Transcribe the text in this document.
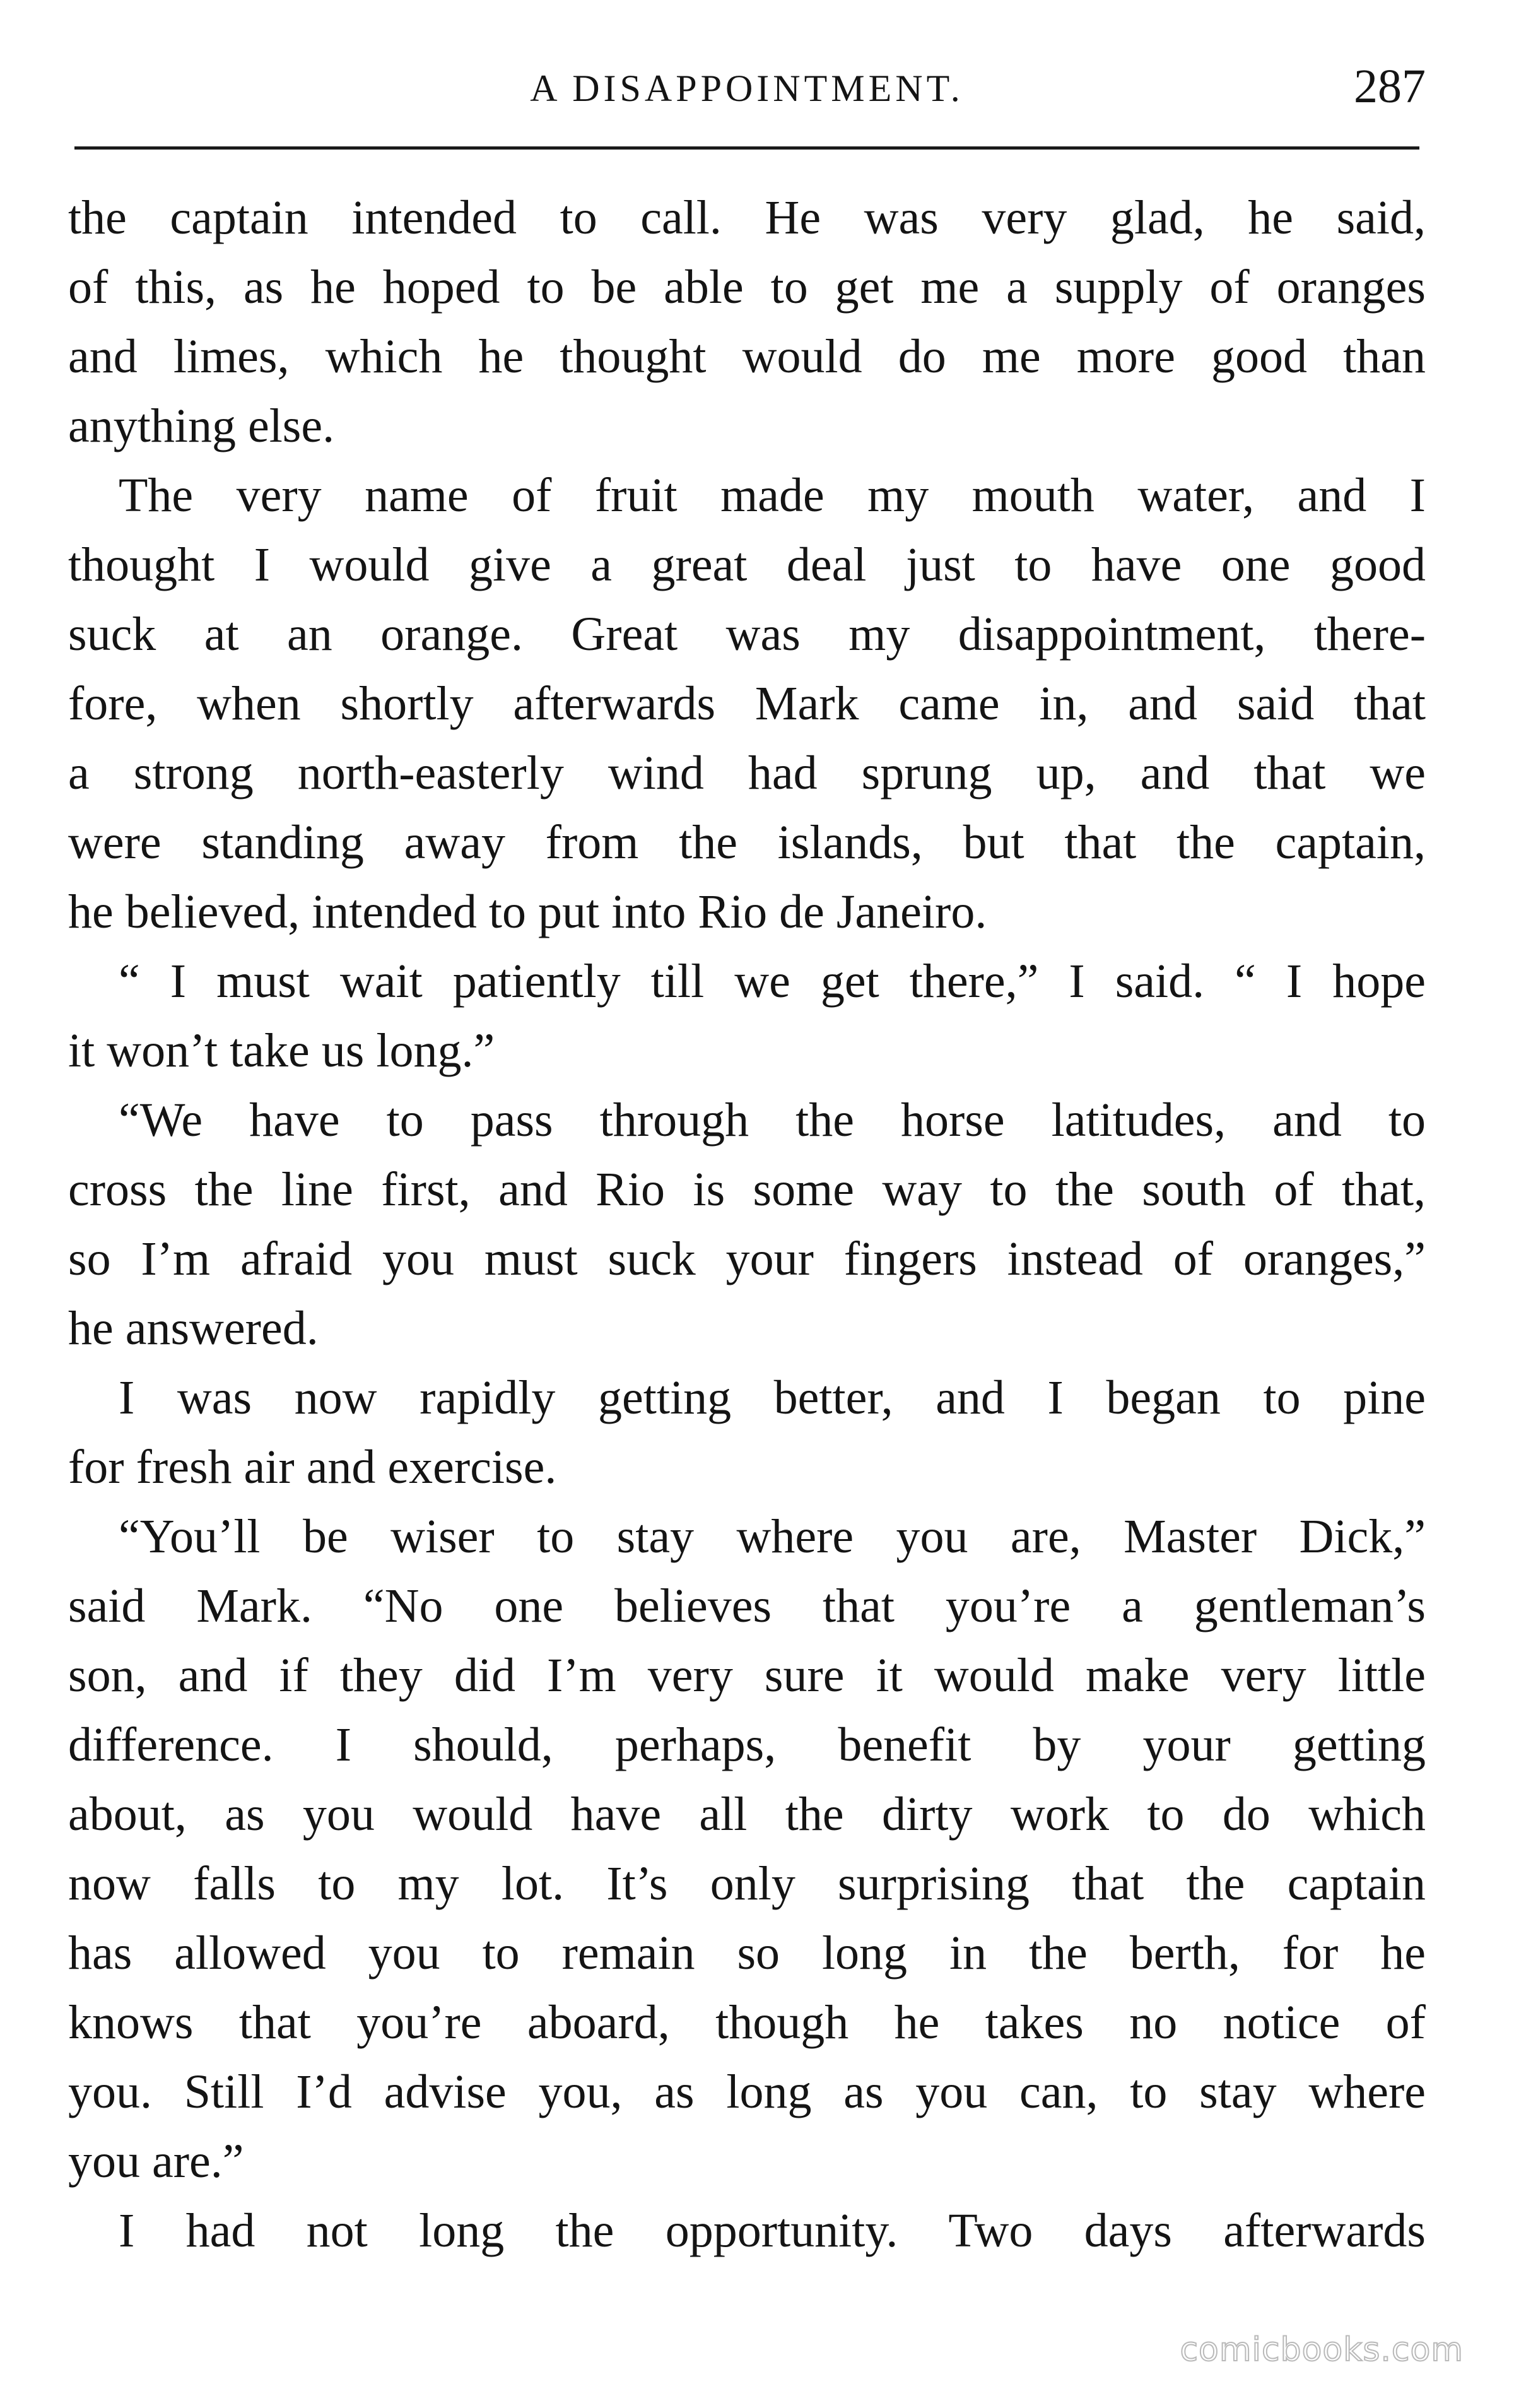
A DISAPPOINTMENT.	287

the captain intended to call. He was very glad, he said,
of this, as he hoped to be able to get me a supply of oranges
and limes, which he thought would do me more good than
anything else.

The very name of fruit made my mouth water, and I
thought I would give a great deal just to have one good
suck at an orange. Great was my disappointment, there-
fore, when shortly afterwards Mark came in, and said that
a strong north-easterly wind had sprung up, and that we
were standing away from the islands, but that the captain,
he believed, intended to put into Rio de Janeiro.

“ I must wait patiently till we get there,” I said. “ I hope
it won’t take us long.”

“We have to pass through the horse latitudes, and to
cross the line first, and Rio is some way to the south of that,
so I’m afraid you must suck your fingers instead of oranges,”
he answered.

I was now rapidly getting better, and I began to pine
for fresh air and exercise.

“You’ll be wiser to stay where you are, Master Dick,”
said Mark. “No one believes that you’re a gentleman’s
son, and if they did I’m very sure it would make very little
difference. I should, perhaps, benefit by your getting
about, as you would have all the dirty work to do which
now falls to my lot. It’s only surprising that the captain
has allowed you to remain so long in the berth, for he
knows that you’re aboard, though he takes no notice of
you. Still I’d advise you, as long as you can, to stay where
you are.”

I had not long the opportunity. Two days afterwards

comicbooks.com
